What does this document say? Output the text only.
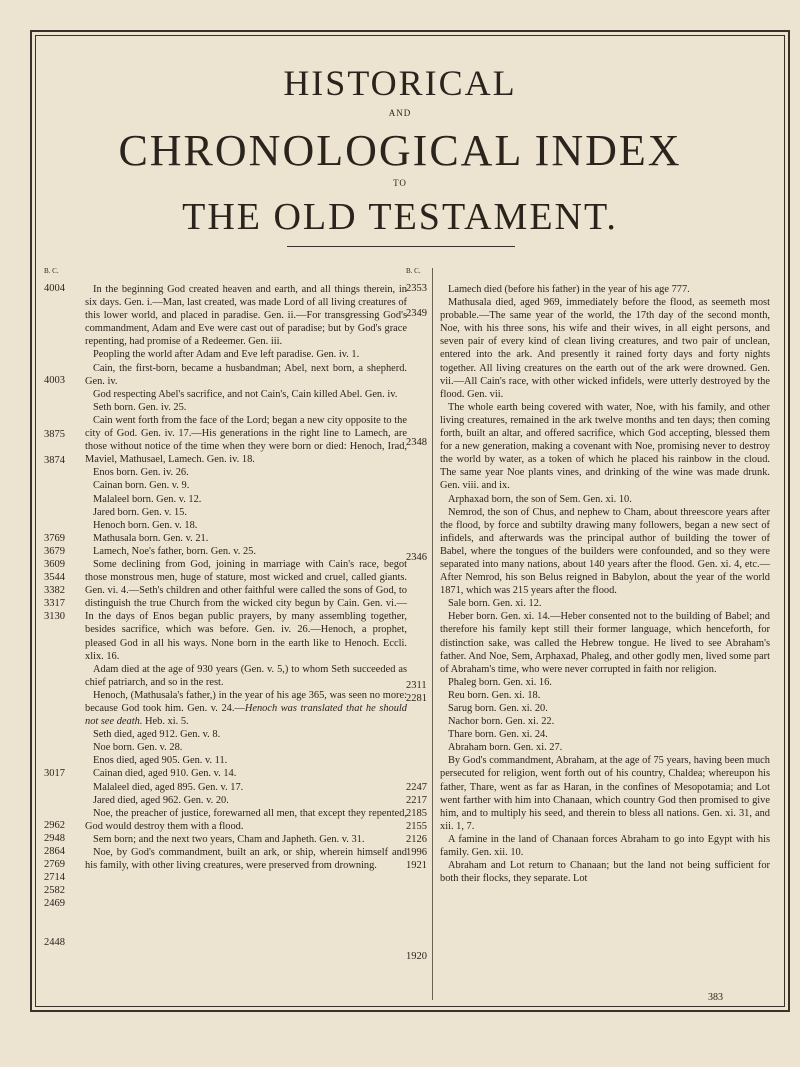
HISTORICAL
AND
CHRONOLOGICAL INDEX
TO
THE OLD TESTAMENT.
B. C.
4004
4003
3875
3874
3769
3679
3609
3544
3382
3317
3130
3017
2962
2948
2864
2769
2714
2582
2469
2448

In the beginning God created heaven and earth, and all things therein, in six days. Gen. i.—Man, last created, was made Lord of all living creatures of this lower world, and placed in paradise. Gen. ii.—For transgressing God's commandment, Adam and Eve were cast out of paradise; but by God's grace repenting, had promise of a Redeemer. Gen. iii.

Peopling the world after Adam and Eve left paradise. Gen. iv. 1.

Cain, the first-born, became a husbandman; Abel, next born, a shepherd. Gen. iv.

God respecting Abel's sacrifice, and not Cain's, Cain killed Abel. Gen. iv.

Seth born. Gen. iv. 25.

Cain went forth from the face of the Lord; began a new city opposite to the city of God. Gen. iv. 17.—His generations in the right line to Lamech, are those without notice of the time when they were born or died: Henoch, Irad, Maviel, Mathusael, Lamech. Gen. iv. 18.

Enos born. Gen. iv. 26.

Cainan born. Gen. v. 9.

Malaleel born. Gen. v. 12.

Jared born. Gen. v. 15.

Henoch born. Gen. v. 18.

Mathusala born. Gen. v. 21.

Lamech, Noe's father, born. Gen. v. 25.

Some declining from God, joining in marriage with Cain's race, begot those monstrous men, huge of stature, most wicked and cruel, called giants. Gen. vi. 4.—Seth's children and other faithful were called the sons of God, to distinguish the true Church from the wicked city begun by Cain. Gen. vi.—In the days of Enos began public prayers, by many assembling together, besides sacrifice, which was before. Gen. iv. 26.—Henoch, a prophet, pleased God in all his ways. None born in the earth like to Henoch. Eccli. xlix. 16.

Adam died at the age of 930 years (Gen. v. 5,) to whom Seth succeeded as chief patriarch, and so in the rest.

Henoch, (Mathusala's father,) in the year of his age 365, was seen no more: because God took him. Gen. v. 24.—Henoch was translated that he should not see death. Heb. xi. 5.

Seth died, aged 912. Gen. v. 8.

Noe born. Gen. v. 28.

Enos died, aged 905. Gen. v. 11.

Cainan died, aged 910. Gen. v. 14.

Malaleel died, aged 895. Gen. v. 17.

Jared died, aged 962. Gen. v. 20.

Noe, the preacher of justice, forewarned all men, that except they repented, God would destroy them with a flood.

Sem born; and the next two years, Cham and Japheth. Gen. v. 31.

Noe, by God's commandment, built an ark, or ship, wherein himself and his family, with other living creatures, were preserved from drowning.

B. C.
2353
2349
2348
2346
2311
2281
2247
2217
2185
2155
2126
1996
1921
1920

Lamech died (before his father) in the year of his age 777.

Mathusala died, aged 969, immediately before the flood, as seemeth most probable.—The same year of the world, the 17th day of the second month, Noe, with his three sons, his wife and their wives, in all eight persons, and seven pair of every kind of clean living creatures, and two pair of unclean, entered into the ark. And presently it rained forty days and forty nights together. All living creatures on the earth out of the ark were drowned. Gen. vii.—All Cain's race, with other wicked infidels, were utterly destroyed by the flood. Gen. vii.

The whole earth being covered with water, Noe, with his family, and other living creatures, remained in the ark twelve months and ten days; then coming forth, built an altar, and offered sacrifice, which God accepting, blessed them for a new generation, making a covenant with Noe, promising never to destroy the world by water, as a token of which he placed his rainbow in the cloud. The same year Noe plants vines, and drinking of the wine was made drunk. Gen. viii. and ix.

Arphaxad born, the son of Sem. Gen. xi. 10.

Nemrod, the son of Chus, and nephew to Cham, about threescore years after the flood, by force and subtilty drawing many followers, began a new sect of infidels, and afterwards was the principal author of building the tower of Babel, where the tongues of the builders were confounded, and so they were separated into many nations, about 140 years after the flood. Gen. xi. 4, etc.—After Nemrod, his son Belus reigned in Babylon, about the year of the world 1871, which was 215 years after the flood.

Sale born. Gen. xi. 12.

Heber born. Gen. xi. 14.—Heber consented not to the building of Babel; and therefore his family kept still their former language, which henceforth, for distinction sake, was called the Hebrew tongue. He lived to see Abraham's father. And Noe, Sem, Arphaxad, Phaleg, and other godly men, lived some part of Abraham's time, who were never corrupted in faith nor religion.

Phaleg born. Gen. xi. 16.

Reu born. Gen. xi. 18.

Sarug born. Gen. xi. 20.

Nachor born. Gen. xi. 22.

Thare born. Gen. xi. 24.

Abraham born. Gen. xi. 27.

By God's commandment, Abraham, at the age of 75 years, having been much persecuted for religion, went forth out of his country, Chaldea; whereupon his father, Thare, went as far as Haran, in the confines of Mesopotamia; and Lot went farther with him into Chanaan, which country God then promised to give him, and to multiply his seed, and therein to bless all nations. Gen. xi. 31, and xii. 1, 7.

A famine in the land of Chanaan forces Abraham to go into Egypt with his family. Gen. xii. 10.

Abraham and Lot return to Chanaan; but the land not being sufficient for both their flocks, they separate. Lot

383
